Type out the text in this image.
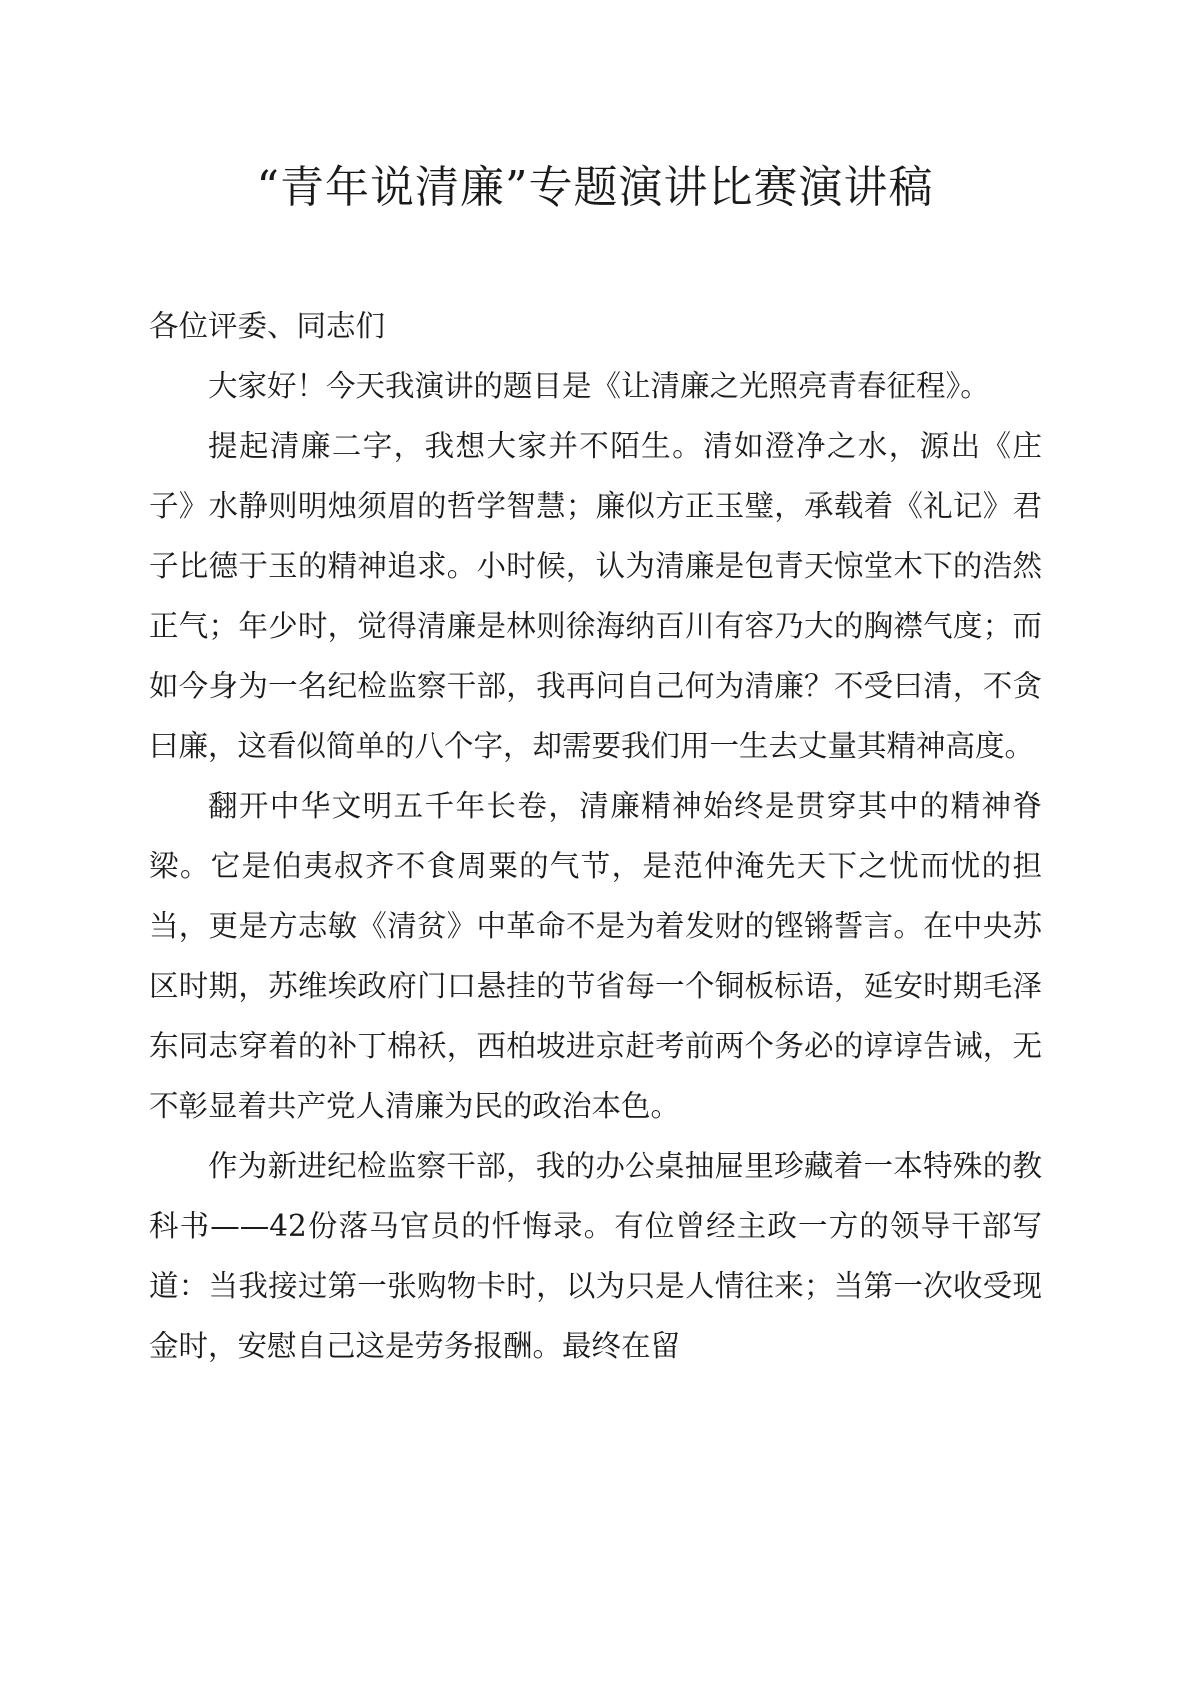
“青年说清廉”专题演讲比赛演讲稿

各位评委、同志们

大家好！今天我演讲的题目是《让清廉之光照亮青春征程》。

提起清廉二字，我想大家并不陌生。清如澄净之水，源出《庄子》水静则明烛须眉的哲学智慧；廉似方正玉璧，承载着《礼记》君子比德于玉的精神追求。小时候，认为清廉是包青天惊堂木下的浩然正气；年少时，觉得清廉是林则徐海纳百川有容乃大的胸襟气度；而如今身为一名纪检监察干部，我再问自己何为清廉？不受曰清，不贪曰廉，这看似简单的八个字，却需要我们用一生去丈量其精神高度。

翻开中华文明五千年长卷，清廉精神始终是贯穿其中的精神脊梁。它是伯夷叔齐不食周粟的气节，是范仲淹先天下之忧而忧的担当，更是方志敏《清贫》中革命不是为着发财的铿锵誓言。在中央苏区时期，苏维埃政府门口悬挂的节省每一个铜板标语，延安时期毛泽东同志穿着的补丁棉袄，西柏坡进京赶考前两个务必的谆谆告诫，无不彰显着共产党人清廉为民的政治本色。

作为新进纪检监察干部，我的办公桌抽屉里珍藏着一本特殊的教科书——42份落马官员的忏悔录。有位曾经主政一方的领导干部写道：当我接过第一张购物卡时，以为只是人情往来；当第一次收受现金时，安慰自己这是劳务报酬。最终在留
